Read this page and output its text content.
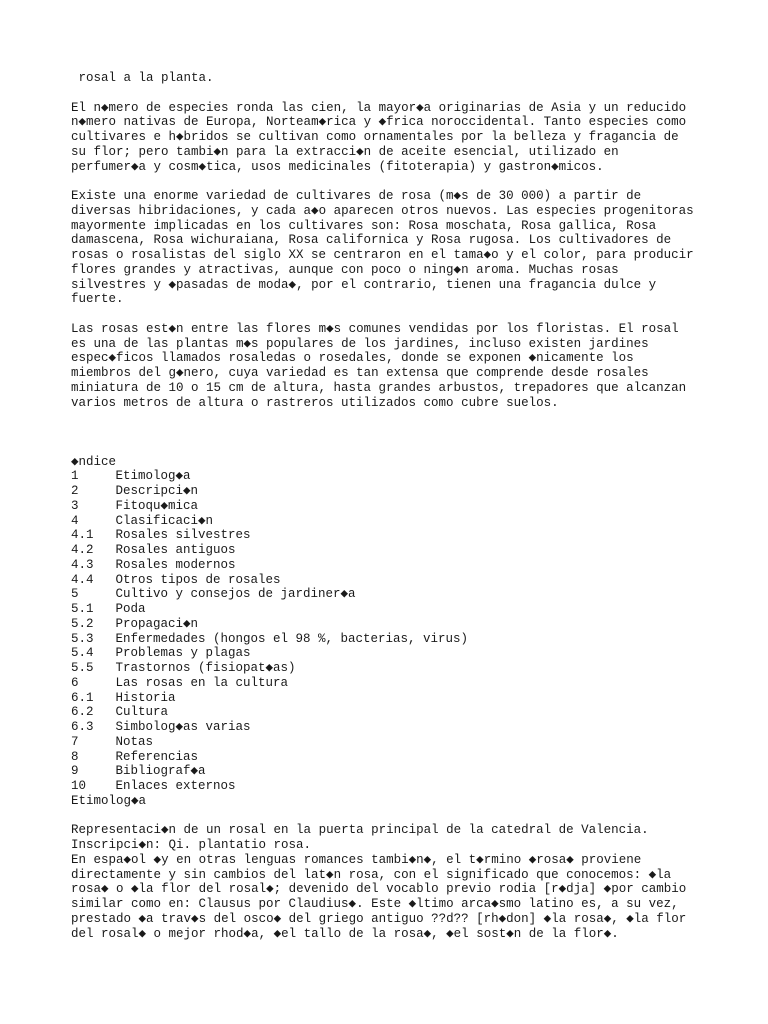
rosal a la planta.
El n◆mero de especies ronda las cien, la mayor◆a originarias de Asia y un reducido
n◆mero nativas de Europa, Norteam◆rica y ◆frica noroccidental. Tanto especies como
cultivares e h◆bridos se cultivan como ornamentales por la belleza y fragancia de
su flor; pero tambi◆n para la extracci◆n de aceite esencial, utilizado en
perfumer◆a y cosm◆tica, usos medicinales (fitoterapia) y gastron◆micos.
Existe una enorme variedad de cultivares de rosa (m◆s de 30 000) a partir de
diversas hibridaciones, y cada a◆o aparecen otros nuevos. Las especies progenitoras
mayormente implicadas en los cultivares son: Rosa moschata, Rosa gallica, Rosa
damascena, Rosa wichuraiana, Rosa californica y Rosa rugosa. Los cultivadores de
rosas o rosalistas del siglo XX se centraron en el tama◆o y el color, para producir
flores grandes y atractivas, aunque con poco o ning◆n aroma. Muchas rosas
silvestres y ◆pasadas de moda◆, por el contrario, tienen una fragancia dulce y
fuerte.
Las rosas est◆n entre las flores m◆s comunes vendidas por los floristas. El rosal
es una de las plantas m◆s populares de los jardines, incluso existen jardines
espec◆ficos llamados rosaledas o rosedales, donde se exponen ◆nicamente los
miembros del g◆nero, cuya variedad es tan extensa que comprende desde rosales
miniatura de 10 o 15 cm de altura, hasta grandes arbustos, trepadores que alcanzan
varios metros de altura o rastreros utilizados como cubre suelos.
◆ndice
1	Etimolog◆a
2	Descripci◆n
3	Fitoqu◆mica
4	Clasificaci◆n
4.1 Rosales silvestres
4.2 Rosales antiguos
4.3 Rosales modernos
4.4 Otros tipos de rosales
5	Cultivo y consejos de jardiner◆a
5.1 Poda
5.2 Propagaci◆n
5.3 Enfermedades (hongos el 98 %, bacterias, virus)
5.4 Problemas y plagas
5.5 Trastornos (fisiopat◆as)
6	Las rosas en la cultura
6.1 Historia
6.2 Cultura
6.3 Simbolog◆as varias
7	Notas
8	Referencias
9	Bibliograf◆a
10 Enlaces externos
Etimolog◆a
Representaci◆n de un rosal en la puerta principal de la catedral de Valencia.
Inscripci◆n: Qi. plantatio rosa.
En espa◆ol ◆y en otras lenguas romances tambi◆n◆, el t◆rmino ◆rosa◆ proviene
directamente y sin cambios del lat◆n rosa, con el significado que conocemos: ◆la
rosa◆ o ◆la flor del rosal◆; devenido del vocablo previo rodia [r◆dja] ◆por cambio
similar como en: Clausus por Claudius◆. Este ◆ltimo arca◆smo latino es, a su vez,
prestado ◆a trav◆s del osco◆ del griego antiguo ??d?? [rh◆don] ◆la rosa◆, ◆la flor
del rosal◆ o mejor rhod◆a, ◆el tallo de la rosa◆, ◆el sost◆n de la flor◆.
